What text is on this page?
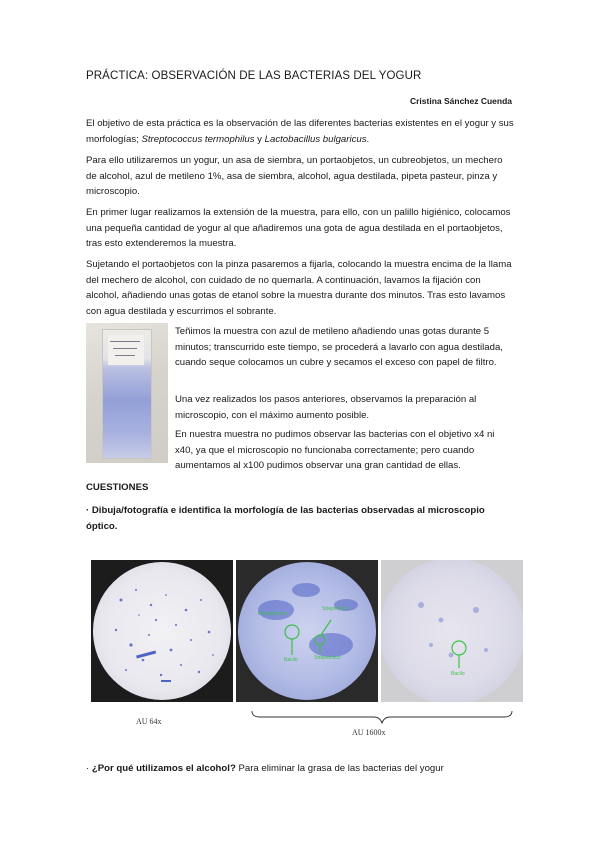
PRÁCTICA: OBSERVACIÓN DE LAS BACTERIAS DEL YOGUR
Cristina Sánchez Cuenda
El objetivo de esta práctica es la observación de las diferentes bacterias existentes en el yogur y sus morfologías; Streptococcus termophilus y Lactobacillus bulgaricus.
Para ello utilizaremos un yogur, un asa de siembra, un portaobjetos, un cubreobjetos, un mechero de alcohol, azul de metileno 1%, asa de siembra, alcohol, agua destilada, pipeta pasteur, pinza y microscopio.
En primer lugar realizamos la extensión de la muestra, para ello, con un palillo higiénico, colocamos una pequeña cantidad de yogur al que añadiremos una gota de agua destilada en el portaobjetos, tras esto extenderemos la muestra.
Sujetando el portaobjetos con la pinza pasaremos a fijarla, colocando la muestra encima de la llama del mechero de alcohol, con cuidado de no quemarla. A continuación, lavamos la fijación con alcohol, añadiendo unas gotas de etanol sobre la muestra durante dos minutos. Tras esto lavamos con agua destilada y escurrimos el sobrante.
Teñimos la muestra con azul de metileno añadiendo unas gotas durante 5 minutos; transcurrido este tiempo, se procederá a lavarlo con agua destilada, cuando seque colocamos un cubre y secamos el exceso con papel de filtro.
Una vez realizados los pasos anteriores, observamos la preparación al microscopio, con el máximo aumento posible.
En nuestra muestra no pudimos observar las bacterias con el objetivo x4 ni x40, ya que el microscopio no funcionaba correctamente; pero cuando aumentamos al x100 pudimos observar una gran cantidad de ellas.
CUESTIONES
· Dibuja/fotografía e identifica la morfología de las bacterias observadas al microscopio óptico.
Estreptococo
Streptococo
Bacilo	Streptococo
Bacilo
AU 64x
AU 1600x
· ¿Por qué utilizamos el alcohol? Para eliminar la grasa de las bacterias del yogur
